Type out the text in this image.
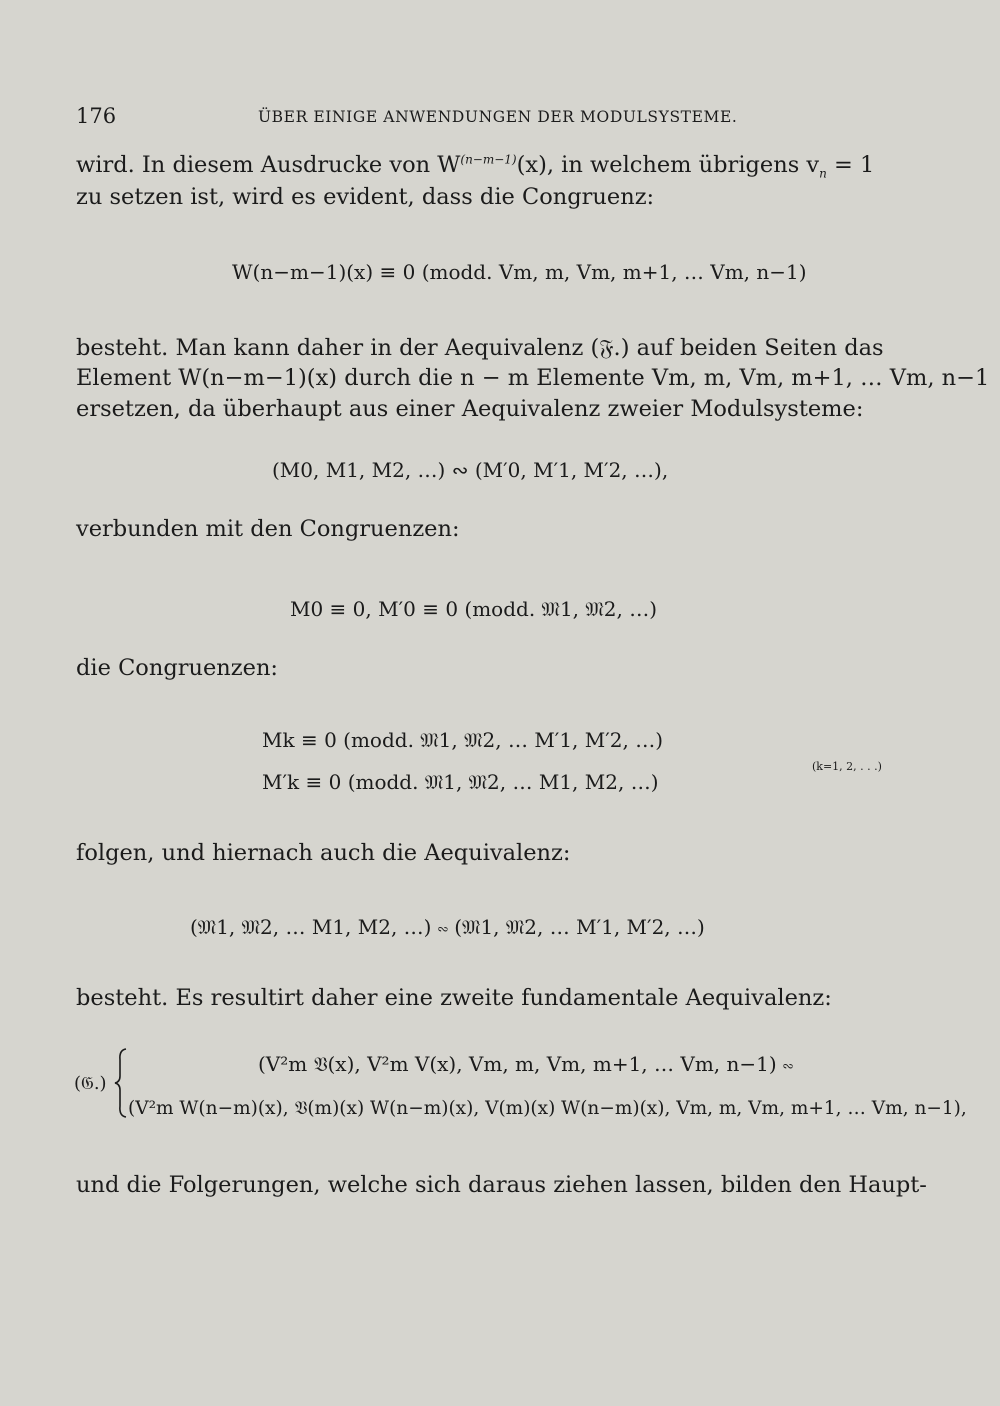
176	ÜBER EINIGE ANWENDUNGEN DER MODULSYSTEME.
wird. In diesem Ausdrucke von $W^{(n-m-1)}(x)$, in welchem übrigens $v_n = 1$
zu setzen ist, wird es evident, dass die Congruenz:
W(n−m−1)(x) ≡ 0 (modd. Vm, m, Vm, m+1, … Vm, n−1)
besteht. Man kann daher in der Aequivalenz (𝔉.) auf beiden Seiten das
Element W(n−m−1)(x) durch die n − m Elemente Vm, m, Vm, m+1, … Vm, n−1
ersetzen, da überhaupt aus einer Aequivalenz zweier Modulsysteme:
(M0, M1, M2, …) ∾ (M′0, M′1, M′2, …),
verbunden mit den Congruenzen:
M0 ≡ 0, M′0 ≡ 0 (modd. 𝔐1, 𝔐2, …)
die Congruenzen:
Mk ≡ 0 (modd. 𝔐1, 𝔐2, … M′1, M′2, …)
M′k ≡ 0 (modd. 𝔐1, 𝔐2, … M1, M2, …)
(k=1, 2, . . .)
folgen, und hiernach auch die Aequivalenz:
(𝔐1, 𝔐2, … M1, M2, …) ∾ (𝔐1, 𝔐2, … M′1, M′2, …)
besteht. Es resultirt daher eine zweite fundamentale Aequivalenz:
(𝔊.)
(V²m 𝔙(x), V²m V(x), Vm, m, Vm, m+1, … Vm, n−1) ∾
(V²m W(n−m)(x), 𝔙(m)(x) W(n−m)(x), V(m)(x) W(n−m)(x), Vm, m, Vm, m+1, … Vm, n−1),
und die Folgerungen, welche sich daraus ziehen lassen, bilden den Haupt-
